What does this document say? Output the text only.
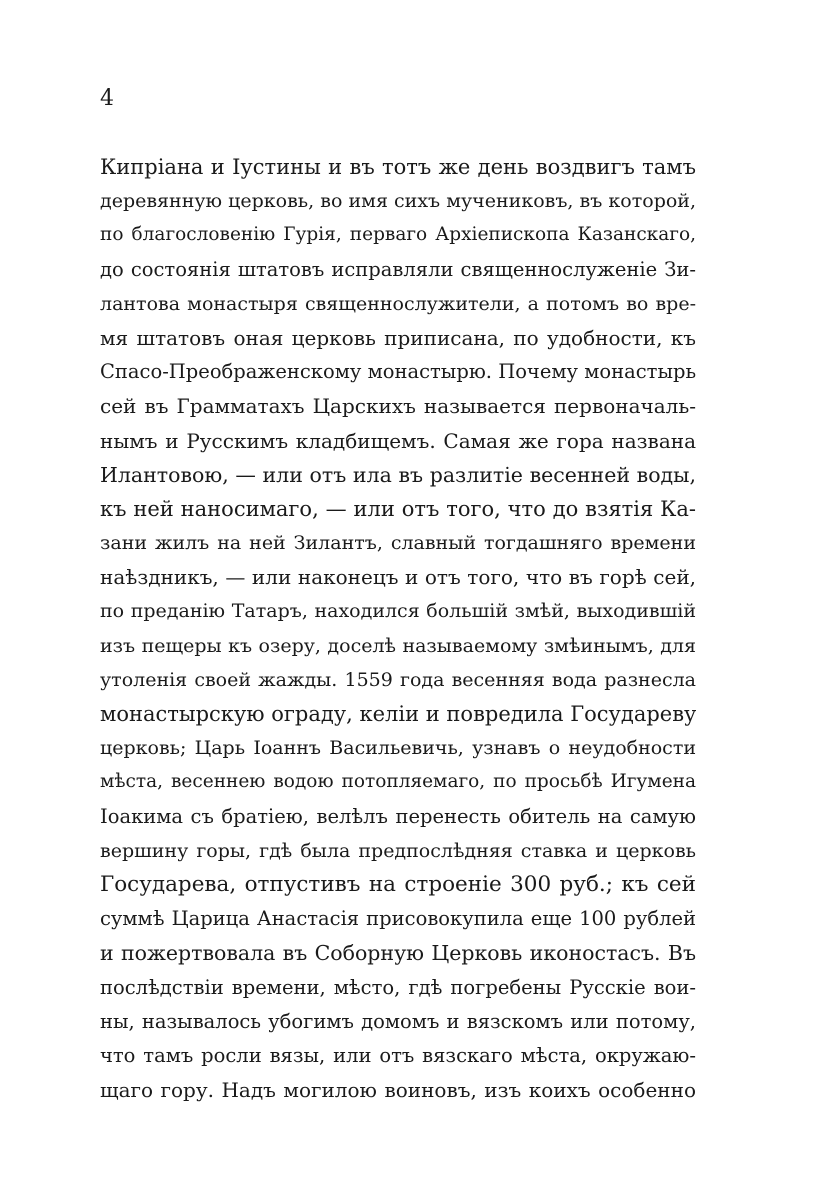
4
Кипріана и Іустины и въ тотъ же день воздвигъ тамъ
деревянную церковь, во имя сихъ мучениковъ, въ которой,
по благословенію Гурія, перваго Архіепископа Казанскаго,
до состоянія штатовъ исправляли священнослуженіе Зи-
лантова монастыря священнослужители, а потомъ во вре-
мя штатовъ оная церковь приписана, по удобности, къ
Спасо-Преображенскому монастырю. Почему монастырь
сей въ Грамматахъ Царскихъ называется первоначаль-
нымъ и Русскимъ кладбищемъ. Самая же гора названа
Илантовою, — или отъ ила въ разлитіе весенней воды,
къ ней наносимаго, — или отъ того, что до взятія Ка-
зани жилъ на ней Зилантъ, славный тогдашняго времени
наѣздникъ, — или наконецъ и отъ того, что въ горѣ сей,
по преданію Татаръ, находился большій змѣй, выходившій
изъ пещеры къ озеру, доселѣ называемому змѣинымъ, для
утоленія своей жажды. 1559 года весенняя вода разнесла
монастырскую ограду, келіи и повредила Государеву
церковь; Царь Іоаннъ Васильевичь, узнавъ о неудобности
мѣста, весеннею водою потопляемаго, по просьбѣ Игумена
Іоакима съ братіею, велѣлъ перенесть обитель на самую
вершину горы, гдѣ была предпослѣдняя ставка и церковь
Государева, отпустивъ на строеніе 300 руб.; къ сей
суммѣ Царица Анастасія присовокупила еще 100 рублей
и пожертвовала въ Соборную Церковь иконостасъ. Въ
послѣдствіи времени, мѣсто, гдѣ погребены Русскіе вои-
ны, называлось убогимъ домомъ и вязскомъ или потому,
что тамъ росли вязы, или отъ вязскаго мѣста, окружаю-
щаго гору. Надъ могилою воиновъ, изъ коихъ особенно
